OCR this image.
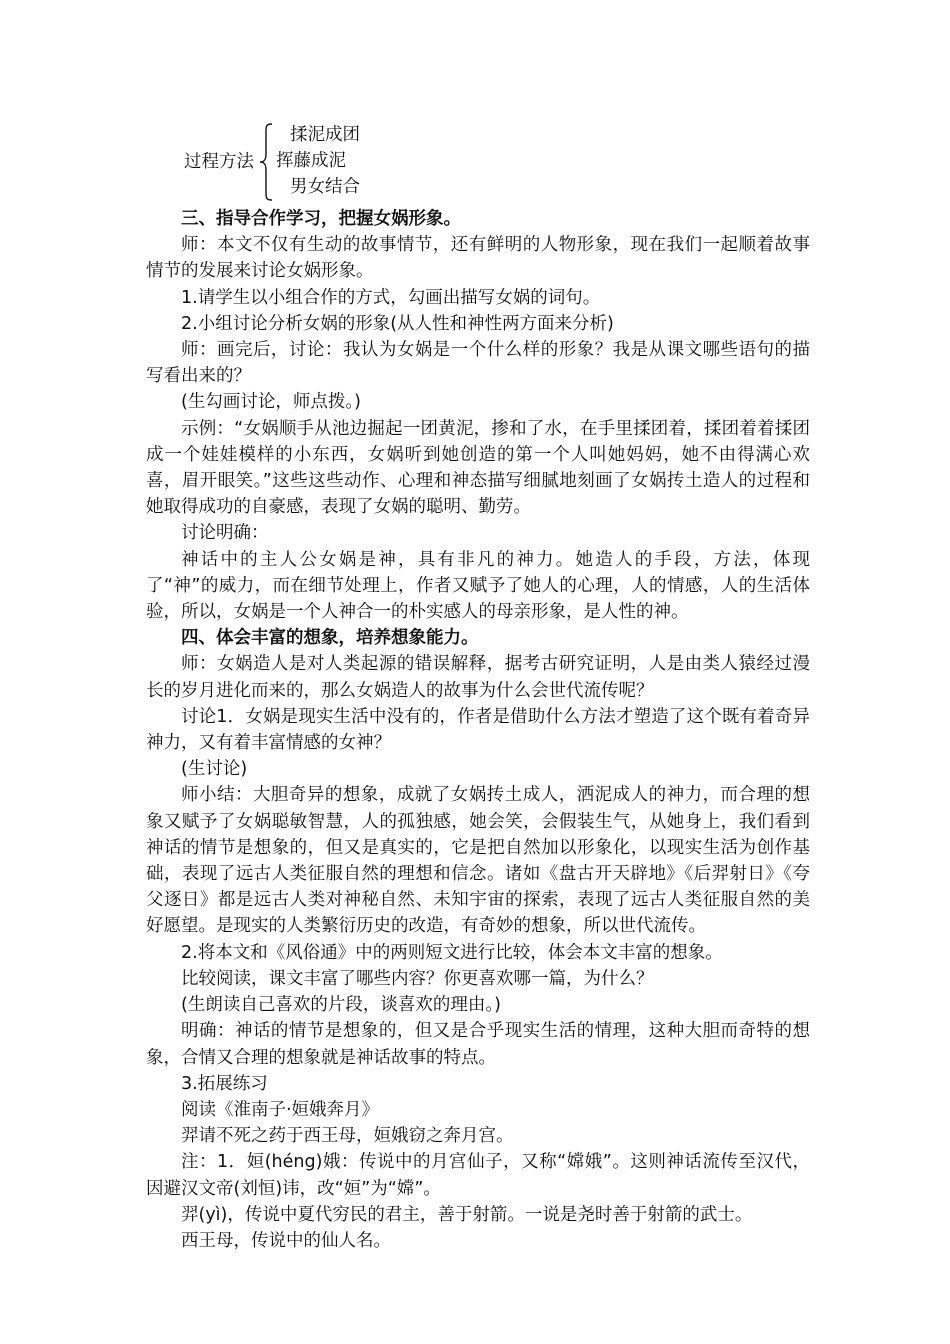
过程方法
揉泥成团
挥藤成泥
男女结合

三、指导合作学习，把握女娲形象。

师：本文不仅有生动的故事情节，还有鲜明的人物形象，现在我们一起顺着故事情节的发展来讨论女娲形象。

1.请学生以小组合作的方式，勾画出描写女娲的词句。

2.小组讨论分析女娲的形象(从人性和神性两方面来分析)

师：画完后，讨论：我认为女娲是一个什么样的形象？我是从课文哪些语句的描写看出来的？

(生勾画讨论，师点拨。)

示例：“女娲顺手从池边掘起一团黄泥，掺和了水，在手里揉团着，揉团着着揉团成一个娃娃模样的小东西，女娲听到她创造的第一个人叫她妈妈，她不由得满心欢喜，眉开眼笑。”这些这些动作、心理和神态描写细腻地刻画了女娲抟土造人的过程和她取得成功的自豪感，表现了女娲的聪明、勤劳。

讨论明确：

神话中的主人公女娲是神，具有非凡的神力。她造人的手段，方法，体现了“神”的威力，而在细节处理上，作者又赋予了她人的心理，人的情感，人的生活体验，所以，女娲是一个人神合一的朴实感人的母亲形象，是人性的神。

四、体会丰富的想象，培养想象能力。

师：女娲造人是对人类起源的错误解释，据考古研究证明，人是由类人猿经过漫长的岁月进化而来的，那么女娲造人的故事为什么会世代流传呢？

讨论1．女娲是现实生活中没有的，作者是借助什么方法才塑造了这个既有着奇异神力，又有着丰富情感的女神？

(生讨论)

师小结：大胆奇异的想象，成就了女娲抟土成人，洒泥成人的神力，而合理的想象又赋予了女娲聪敏智慧，人的孤独感，她会笑，会假装生气，从她身上，我们看到神话的情节是想象的，但又是真实的，它是把自然加以形象化，以现实生活为创作基础，表现了远古人类征服自然的理想和信念。诸如《盘古开天辟地》《后羿射日》《夸父逐日》都是远古人类对神秘自然、未知宇宙的探索，表现了远古人类征服自然的美好愿望。是现实的人类繁衍历史的改造，有奇妙的想象，所以世代流传。

2.将本文和《风俗通》中的两则短文进行比较，体会本文丰富的想象。

比较阅读，课文丰富了哪些内容？你更喜欢哪一篇，为什么？

(生朗读自己喜欢的片段，谈喜欢的理由。)

明确：神话的情节是想象的，但又是合乎现实生活的情理，这种大胆而奇特的想象，合情又合理的想象就是神话故事的特点。

3.拓展练习

阅读《淮南子·姮娥奔月》

羿请不死之药于西王母，姮娥窃之奔月宫。

注：1．姮(héng)娥：传说中的月宫仙子，又称“嫦娥”。这则神话流传至汉代，因避汉文帝(刘恒)讳，改“姮”为“嫦”。

羿(yì)，传说中夏代穷民的君主，善于射箭。一说是尧时善于射箭的武士。

西王母，传说中的仙人名。
